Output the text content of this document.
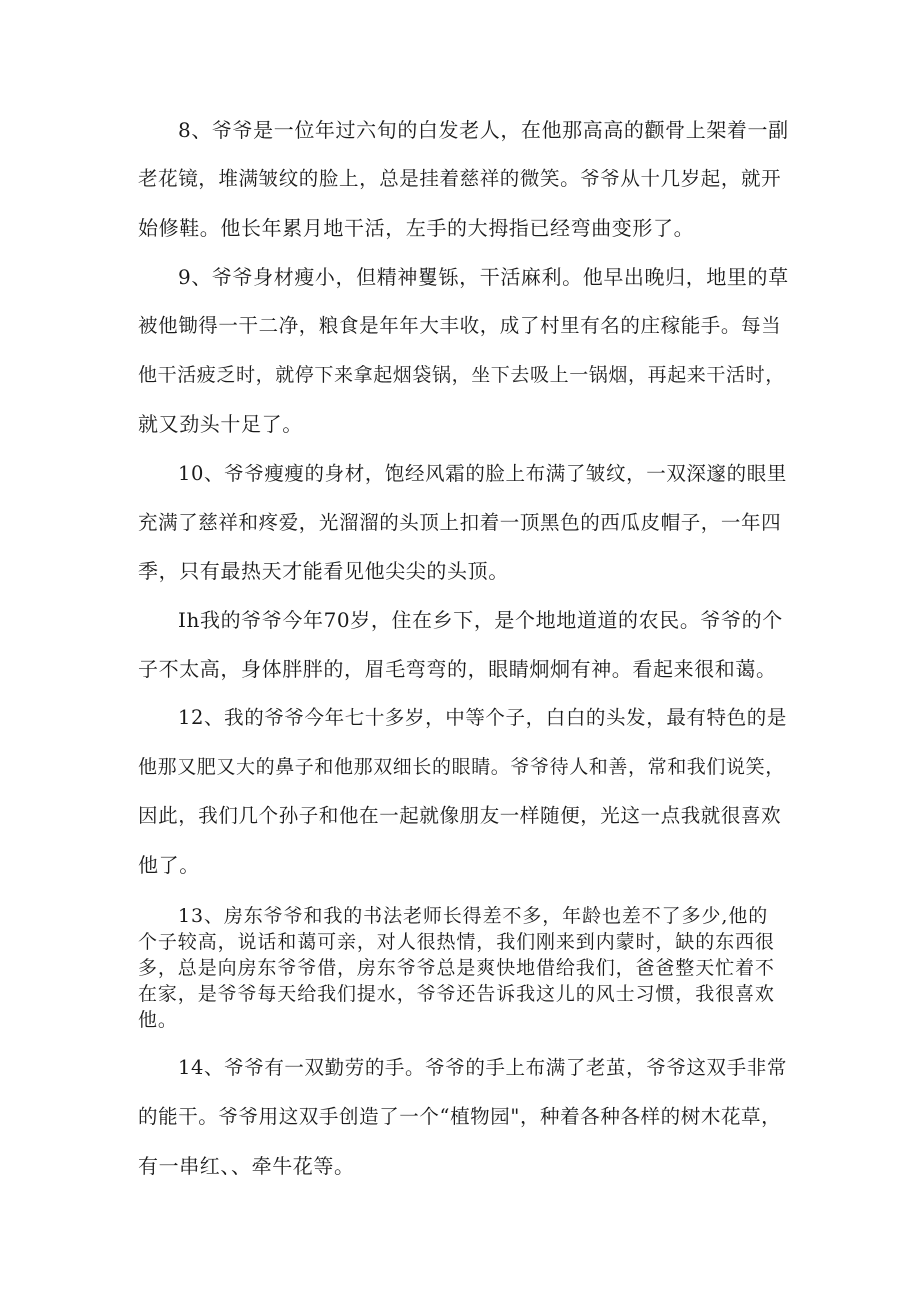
8、爷爷是一位年过六旬的白发老人，在他那高高的颧骨上架着一副
老花镜，堆满皱纹的脸上，总是挂着慈祥的微笑。爷爷从十几岁起，就开
始修鞋。他长年累月地干活，左手的大拇指已经弯曲变形了。
9、爷爷身材瘦小，但精神矍铄，干活麻利。他早出晚归，地里的草
被他锄得一干二净，粮食是年年大丰收，成了村里有名的庄稼能手。每当
他干活疲乏时，就停下来拿起烟袋锅，坐下去吸上一锅烟，再起来干活时，
就又劲头十足了。
10、爷爷瘦瘦的身材，饱经风霜的脸上布满了皱纹，一双深邃的眼里
充满了慈祥和疼爱，光溜溜的头顶上扣着一顶黑色的西瓜皮帽子，一年四
季，只有最热天才能看见他尖尖的头顶。
Ih我的爷爷今年70岁，住在乡下，是个地地道道的农民。爷爷的个
子不太高，身体胖胖的，眉毛弯弯的，眼睛炯炯有神。看起来很和蔼。
12、我的爷爷今年七十多岁，中等个子，白白的头发，最有特色的是
他那又肥又大的鼻子和他那双细长的眼睛。爷爷待人和善，常和我们说笑，
因此，我们几个孙子和他在一起就像朋友一样随便，光这一点我就很喜欢
他了。
13、房东爷爷和我的书法老师长得差不多，年龄也差不了多少,他的
个子较高，说话和蔼可亲，对人很热情，我们刚来到内蒙时，缺的东西很
多，总是向房东爷爷借，房东爷爷总是爽快地借给我们，爸爸整天忙着不
在家，是爷爷每天给我们提水，爷爷还告诉我这儿的风士习惯，我很喜欢
他。
14、爷爷有一双勤劳的手。爷爷的手上布满了老茧，爷爷这双手非常
的能干。爷爷用这双手创造了一个“植物园"，种着各种各样的树木花草，
有一串红、、牵牛花等。
